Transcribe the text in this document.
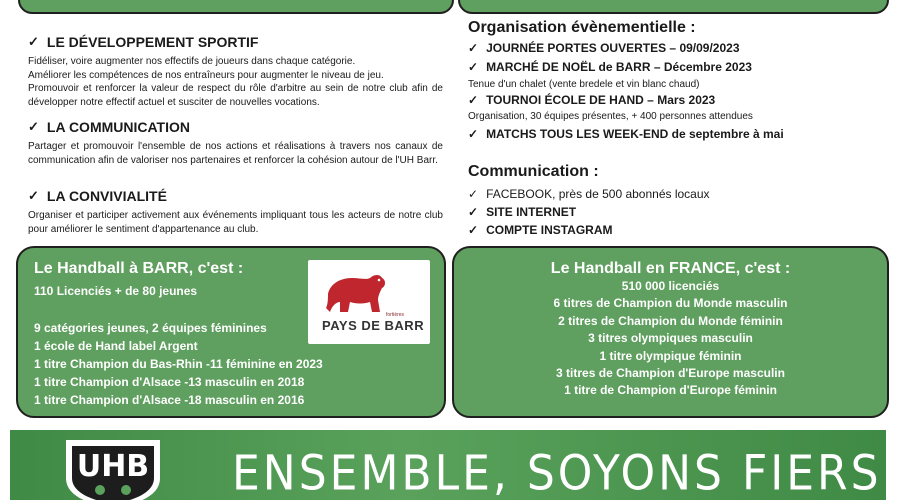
✓ LE DÉVELOPPEMENT SPORTIF
Fidéliser, voire augmenter nos effectifs de joueurs dans chaque catégorie.
Améliorer les compétences de nos entraîneurs pour augmenter le niveau de jeu.
Promouvoir et renforcer la valeur de respect du rôle d'arbitre au sein de notre club afin de développer notre effectif actuel et susciter de nouvelles vocations.
✓ LA COMMUNICATION
Partager et promouvoir l'ensemble de nos actions et réalisations à travers nos canaux de communication afin de valoriser nos partenaires et renforcer la cohésion autour de l'UH Barr.
✓ LA CONVIVIALITÉ
Organiser et participer activement aux événements impliquant tous les acteurs de notre club pour améliorer le sentiment d'appartenance au club.
Organisation évènementielle :
✓ JOURNÉE PORTES OUVERTES – 09/09/2023
✓ MARCHÉ DE NOËL de BARR – Décembre 2023
Tenue d'un chalet (vente bredele et vin blanc chaud)
✓ TOURNOI ÉCOLE DE HAND – Mars 2023
Organisation, 30 équipes présentes, + 400 personnes attendues
✓ MATCHS TOUS LES WEEK-END de septembre à mai
Communication :
✓ FACEBOOK, près de 500 abonnés locaux
✓ SITE INTERNET
✓ COMPTE INSTAGRAM
Le Handball à BARR, c'est :
110 Licenciés + de 80 jeunes
9 catégories jeunes, 2 équipes féminines
1 école de Hand label Argent
1 titre Champion du Bas-Rhin -11 féminine en 2023
1 titre Champion d'Alsace -13 masculin en 2018
1 titre Champion d'Alsace -18 masculin en 2016
fortières
PAYS DE BARR
Le Handball en FRANCE, c'est :
510 000 licenciés
6 titres de Champion du Monde masculin
2 titres de Champion du Monde féminin
3 titres olympiques masculin
1 titre olympique féminin
3 titres de Champion d'Europe masculin
1 titre de Champion d'Europe féminin
UHB ENSEMBLE, SOYONS FIERS
